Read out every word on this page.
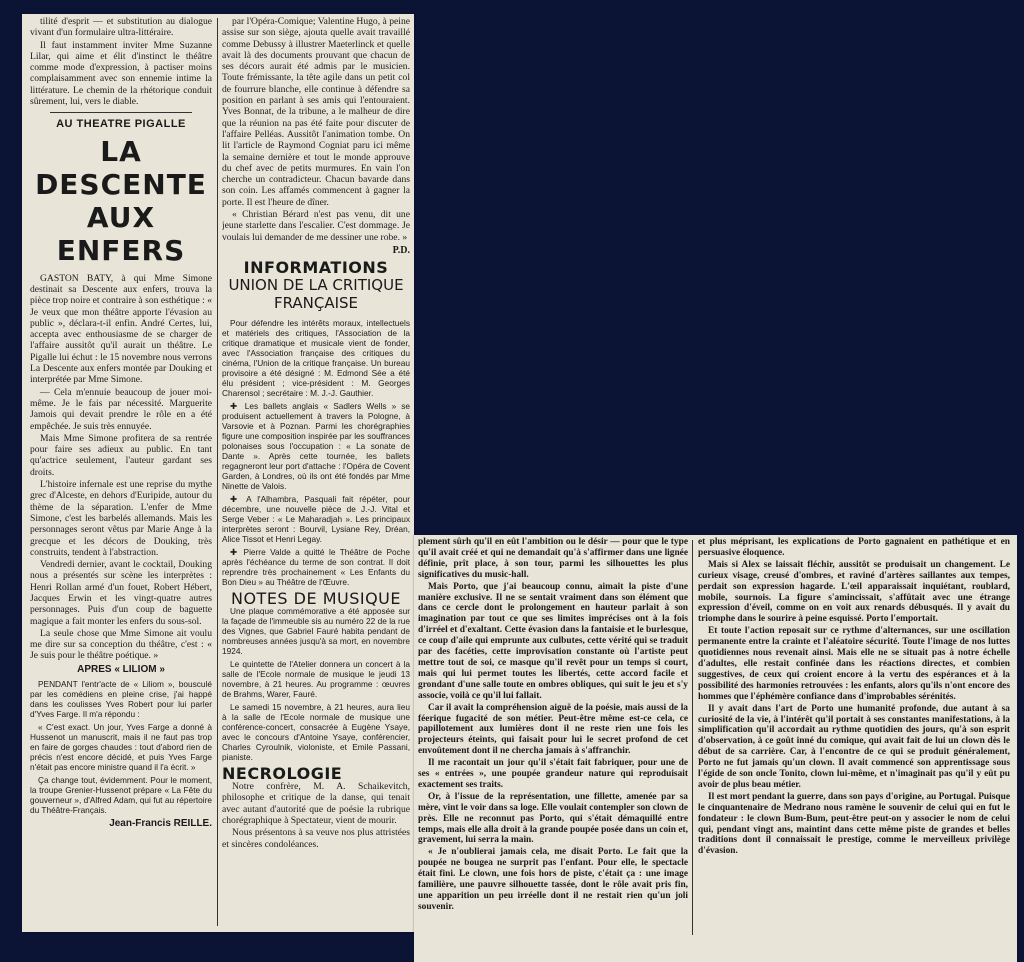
tilité d'esprit — et substitution au dialogue vivant d'un formulaire ultra-littéraire.

Il faut instamment inviter Mme Suzanne Lilar, qui aime et élit d'instinct le théâtre comme mode d'expression, à pactiser moins complaisamment avec son ennemie intime la littérature. Le chemin de la rhétorique conduit sûrement, lui, vers le diable.

AU THEATRE PIGALLE
LA DESCENTE AUX ENFERS

GASTON BATY, à qui Mme Simone destinait sa Descente aux enfers, trouva la pièce trop noire et contraire à son esthétique : « Je veux que mon théâtre apporte l'évasion au public », déclara-t-il enfin. André Certes, lui, accepta avec enthousiasme de se charger de l'affaire aussitôt qu'il aurait un théâtre. Le Pigalle lui échut : le 15 novembre nous verrons La Descente aux enfers montée par Douking et interprétée par Mme Simone.

— Cela m'ennuie beaucoup de jouer moi-même. Je le fais par nécessité. Marguerite Jamois qui devait prendre le rôle en a été empêchée. Je suis très ennuyée.

Mais Mme Simone profitera de sa rentrée pour faire ses adieux au public. En tant qu'actrice seulement, l'auteur gardant ses droits.

L'histoire infernale est une reprise du mythe grec d'Alceste, en dehors d'Euripide, autour du thème de la séparation. L'enfer de Mme Simone, c'est les barbelés allemands. Mais les personnages seront vêtus par Marie Ange à la grecque et les décors de Douking, très construits, tendent à l'abstraction.

Vendredi dernier, avant le cocktail, Douking nous a présentés sur scène les interprètes : Henri Rollan armé d'un fouet, Robert Hébert, Jacques Erwin et les vingt-quatre autres personnages. Puis d'un coup de baguette magique a fait monter les enfers du sous-sol.

La seule chose que Mme Simone ait voulu me dire sur sa conception du théâtre, c'est : « Je suis pour le théâtre poétique. »

APRES « LILIOM »

PENDANT l'entr'acte de « Liliom », bousculé par les comédiens en pleine crise, j'ai happé dans les coulisses Yves Robert pour lui parler d'Yves Farge. Il m'a répondu :

« C'est exact. Un jour, Yves Farge a donné à Hussenot un manuscrit, mais il ne faut pas trop en faire de gorges chaudes : tout d'abord rien de précis n'est encore décidé, et puis Yves Farge n'était pas encore ministre quand il l'a écrit. »

Ça change tout, évidemment. Pour le moment, la troupe Grenier-Hussenot prépare « La Fête du gouverneur », d'Alfred Adam, qui fut au répertoire du Théâtre-Français.

Jean-Francis REILLE.

par l'Opéra-Comique; Valentine Hugo, à peine assise sur son siège, ajouta quelle avait travaillé comme Debussy à illustrer Maeterlinck et quelle avait là des documents prouvant que chacun de ses décors aurait été admis par le musicien. Toute frémissante, la tête agile dans un petit col de fourrure blanche, elle continue à défendre sa position en parlant à ses amis qui l'entouraient. Yves Bonnat, de la tribune, a le malheur de dire que la réunion na pas été faite pour discuter de l'affaire Pelléas. Aussitôt l'animation tombe. On lit l'article de Raymond Cogniat paru ici même la semaine dernière et tout le monde approuve du chef avec de petits murmures. En vain l'on cherche un contradicteur. Chacun bavarde dans son coin. Les affamés commencent à gagner la porte. Il est l'heure de dîner.

« Christian Bérard n'est pas venu, dit une jeune starlette dans l'escalier. C'est dommage. Je voulais lui demander de me dessiner une robe. »

P.D.
INFORMATIONS
UNION DE LA CRITIQUE FRANÇAISE

Pour défendre les intérêts moraux, intellectuels et matériels des critiques, l'Association de la critique dramatique et musicale vient de fonder, avec l'Association française des critiques du cinéma, l'Union de la critique française. Un bureau provisoire a été désigné : M. Edmond Sée a été élu président ; vice-président : M. Georges Charensol ; secrétaire : M. J.-J. Gauthier.

✚ Les ballets anglais « Sadlers Wells » se produisent actuellement à travers la Pologne, à Varsovie et à Poznan. Parmi les chorégraphies figure une composition inspirée par les souffrances polonaises sous l'occupation : « La sonate de Dante ». Après cette tournée, les ballets regagneront leur port d'attache : l'Opéra de Covent Garden, à Londres, où ils ont été fondés par Mme Ninette de Valois.

✚ A l'Alhambra, Pasquali fait répéter, pour décembre, une nouvelle pièce de J.-J. Vital et Serge Veber : « Le Maharadjah ». Les principaux interprètes seront : Bourvil, Lysiane Rey, Dréan, Alice Tissot et Henri Legay.

✚ Pierre Valde a quitté le Théâtre de Poche après l'échéance du terme de son contrat. Il doit reprendre très prochainement « Les Enfants du Bon Dieu » au Théâtre de l'Œuvre.

NOTES DE MUSIQUE

Une plaque commémorative a été apposée sur la façade de l'immeuble sis au numéro 22 de la rue des Vignes, que Gabriel Fauré habita pendant de nombreuses années jusqu'à sa mort, en novembre 1924.

Le quintette de l'Atelier donnera un concert à la salle de l'Ecole normale de musique le jeudi 13 novembre, à 21 heures. Au programme : œuvres de Brahms, Warer, Fauré.

Le samedi 15 novembre, à 21 heures, aura lieu à la salle de l'Ecole normale de musique une conférence-concert, consacrée à Eugène Ysaye, avec le concours d'Antoine Ysaye, conférencier, Charles Cyroulnik, violoniste, et Emile Passani, pianiste.

NECROLOGIE

Notre confrère, M. A. Schaikevitch, philosophe et critique de la danse, qui tenait avec autant d'autorité que de poésie la rubrique chorégraphique à Spectateur, vient de mourir.

Nous présentons à sa veuve nos plus attristées et sincères condoléances.

plement sûrh qu'il en eût l'ambition ou le désir — pour que le type qu'il avait créé et qui ne demandait qu'à s'affirmer dans une lignée définie, prît place, à son tour, parmi les silhouettes les plus significatives du music-hall.

Mais Porto, que j'ai beaucoup connu, aimait la piste d'une manière exclusive. Il ne se sentait vraiment dans son élément que dans ce cercle dont le prolongement en hauteur parlait à son imagination par tout ce que ses limites imprécises ont à la fois d'irréel et d'exaltant. Cette évasion dans la fantaisie et le burlesque, ce coup d'aile qui emprunte aux culbutes, cette vérité qui se traduit par des facéties, cette improvisation constante où l'artiste peut mettre tout de soi, ce masque qu'il revêt pour un temps si court, mais qui lui permet toutes les libertés, cette accord facile et grondant d'une salle toute en ombres obliques, qui suit le jeu et s'y associe, voilà ce qu'il lui fallait.

Car il avait la compréhension aiguë de la poésie, mais aussi de la féerique fugacité de son métier. Peut-être même est-ce cela, ce papillotement aux lumières dont il ne reste rien une fois les projecteurs éteints, qui faisait pour lui le secret profond de cet envoûtement dont il ne chercha jamais à s'affranchir.

Il me racontait un jour qu'il s'était fait fabriquer, pour une de ses « entrées », une poupée grandeur nature qui reproduisait exactement ses traits.

Or, à l'issue de la représentation, une fillette, amenée par sa mère, vint le voir dans sa loge. Elle voulait contempler son clown de près. Elle ne reconnut pas Porto, qui s'était démaquillé entre temps, mais elle alla droit à la grande poupée posée dans un coin et, gravement, lui serra la main.

« Je n'oublierai jamais cela, me disait Porto. Le fait que la poupée ne bougea ne surprit pas l'enfant. Pour elle, le spectacle était fini. Le clown, une fois hors de piste, c'était ça : une image familière, une pauvre silhouette tassée, dont le rôle avait pris fin, une apparition un peu irréelle dont il ne restait rien qu'un joli souvenir.

et plus méprisant, les explications de Porto gagnaient en pathétique et en persuasive éloquence.

Mais si Alex se laissait fléchir, aussitôt se produisait un changement. Le curieux visage, creusé d'ombres, et raviné d'artères saillantes aux tempes, perdait son expression hagarde. L'œil apparaissait inquiétant, roublard, mobile, sournois. La figure s'amincissait, s'affûtait avec une étrange expression d'éveil, comme on en voit aux renards débusqués. Il y avait du triomphe dans le sourire à peine esquissé. Porto l'emportait.

Et toute l'action reposait sur ce rythme d'alternances, sur une oscillation permanente entre la crainte et l'aléatoire sécurité. Toute l'image de nos luttes quotidiennes nous revenait ainsi. Mais elle ne se situait pas à notre échelle d'adultes, elle restait confinée dans les réactions directes, et combien suggestives, de ceux qui croient encore à la vertu des espérances et à la possibilité des harmonies retrouvées : les enfants, alors qu'ils n'ont encore des hommes que l'éphémère confiance dans d'improbables sérénités.

Il y avait dans l'art de Porto une humanité profonde, due autant à sa curiosité de la vie, à l'intérêt qu'il portait à ses constantes manifestations, à la simplification qu'il accordait au rythme quotidien des jours, qu'à son esprit d'observation, à ce goût inné du comique, qui avait fait de lui un clown dès le début de sa carrière. Car, à l'encontre de ce qui se produit généralement, Porto ne fut jamais qu'un clown. Il avait commencé son apprentissage sous l'égide de son oncle Tonito, clown lui-même, et n'imaginait pas qu'il y eût pu avoir de plus beau métier.

Il est mort pendant la guerre, dans son pays d'origine, au Portugal. Puisque le cinquantenaire de Medrano nous ramène le souvenir de celui qui en fut le fondateur : le clown Bum-Bum, peut-être peut-on y associer le nom de celui qui, pendant vingt ans, maintint dans cette même piste de grandes et belles traditions dont il connaissait le prestige, comme le merveilleux privilège d'évasion.
